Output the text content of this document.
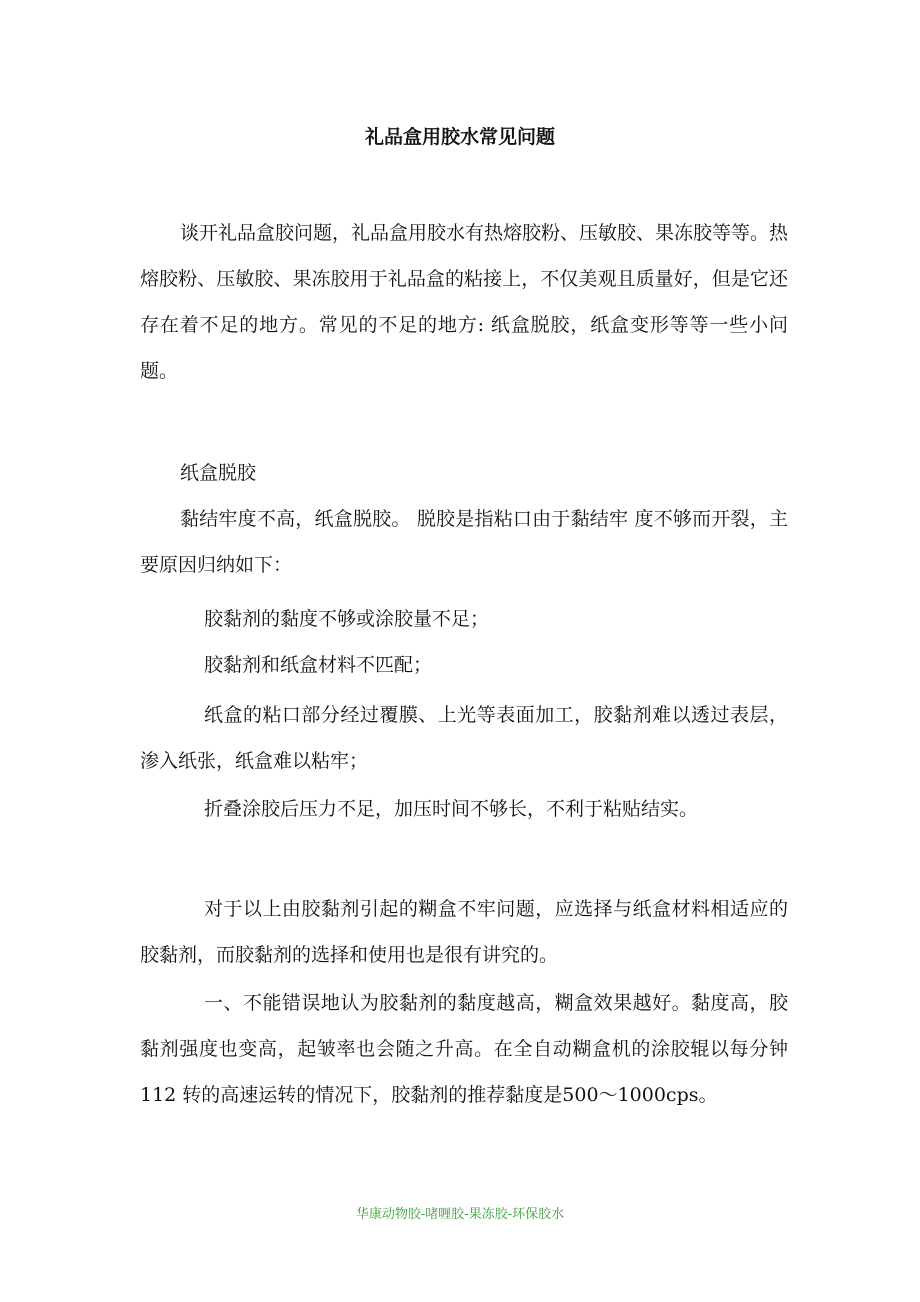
礼品盒用胶水常见问题

谈开礼品盒胶问题，礼品盒用胶水有热熔胶粉、压敏胶、果冻胶等等。热熔胶粉、压敏胶、果冻胶用于礼品盒的粘接上，不仅美观且质量好，但是它还存在着不足的地方。常见的不足的地方: 纸盒脱胶，纸盒变形等等一些小问题。

纸盒脱胶

黏结牢度不高，纸盒脱胶。 脱胶是指粘口由于黏结牢 度不够而开裂，主要原因归纳如下：

胶黏剂的黏度不够或涂胶量不足；

胶黏剂和纸盒材料不匹配；

纸盒的粘口部分经过覆膜、上光等表面加工，胶黏剂难以透过表层，渗入纸张，纸盒难以粘牢；

折叠涂胶后压力不足，加压时间不够长，不利于粘贴结实。

对于以上由胶黏剂引起的糊盒不牢问题，应选择与纸盒材料相适应的胶黏剂，而胶黏剂的选择和使用也是很有讲究的。

一、不能错误地认为胶黏剂的黏度越高，糊盒效果越好。黏度高，胶黏剂强度也变高，起皱率也会随之升高。在全自动糊盒机的涂胶辊以每分钟 112 转的高速运转的情况下，胶黏剂的推荐黏度是500～1000cps。

华康动物胶-啫喱胶-果冻胶-环保胶水
